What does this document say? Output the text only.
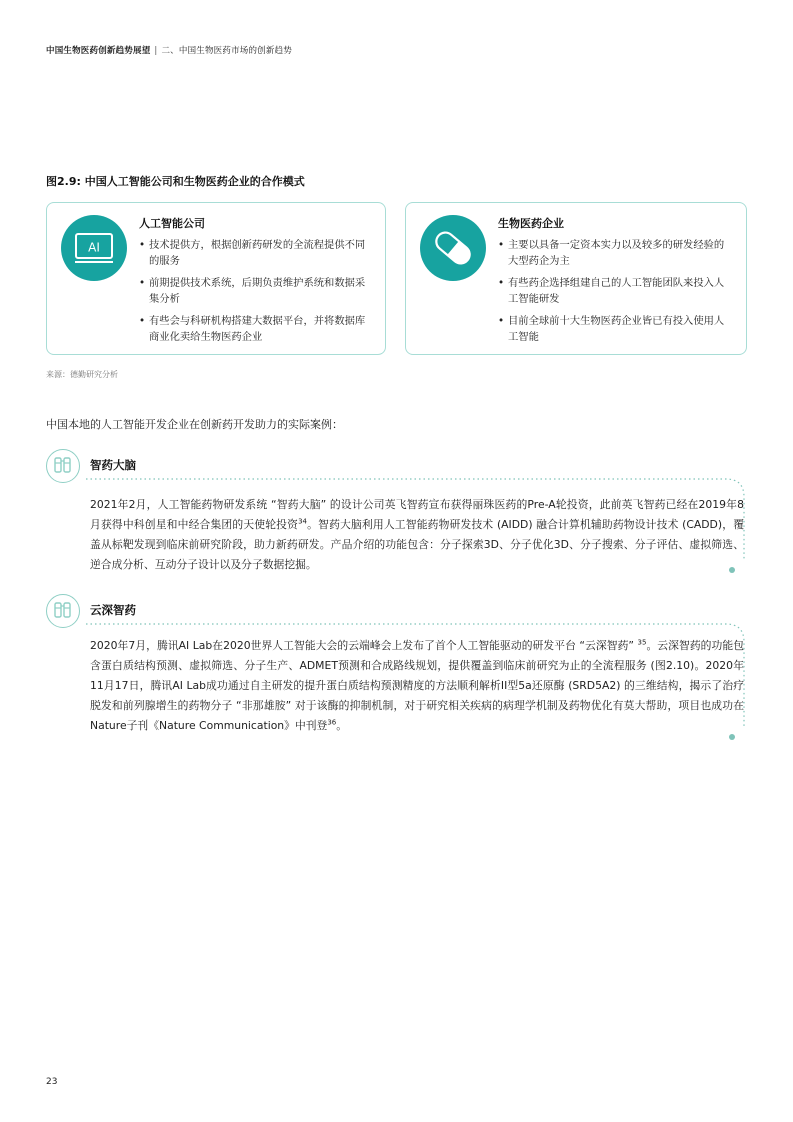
中国生物医药创新趋势展望 | 二、中国生物医药市场的创新趋势
图2.9: 中国人工智能公司和生物医药企业的合作模式
AI
人工智能公司
• 技术提供方，根据创新药研发的全流程提供不同的服务
• 前期提供技术系统，后期负责维护系统和数据采集分析
• 有些会与科研机构搭建大数据平台，并将数据库商业化卖给生物医药企业
生物医药企业
• 主要以具备一定资本实力以及较多的研发经验的大型药企为主
• 有些药企选择组建自己的人工智能团队来投入人工智能研发
• 目前全球前十大生物医药企业皆已有投入使用人工智能
来源：德勤研究分析
中国本地的人工智能开发企业在创新药开发助力的实际案例：
智药大脑

2021年2月，人工智能药物研发系统 “智药大脑” 的设计公司英飞智药宣布获得丽珠医药的Pre-A轮投资，此前英飞智药已经在2019年8月获得中科创星和中经合集团的天使轮投资$^{34}$。智药大脑利用人工智能药物研发技术 (AIDD) 融合计算机辅助药物设计技术 (CADD)，覆盖从标靶发现到临床前研究阶段，助力新药研发。产品介绍的功能包含：分子探索3D、分子优化3D、分子搜索、分子评估、虚拟筛选、逆合成分析、互动分子设计以及分子数据挖掘。

云深智药

2020年7月，腾讯AI Lab在2020世界人工智能大会的云端峰会上发布了首个人工智能驱动的研发平台 “云深智药” $^{35}$。云深智药的功能包含蛋白质结构预测、虚拟筛选、分子生产、ADMET预测和合成路线规划，提供覆盖到临床前研究为止的全流程服务 (图2.10)。2020年11月17日，腾讯AI Lab成功通过自主研发的提升蛋白质结构预测精度的方法顺利解析II型5a还原酶 (SRD5A2) 的三维结构，揭示了治疗脱发和前列腺增生的药物分子 “非那雄胺” 对于该酶的抑制机制，对于研究相关疾病的病理学机制及药物优化有莫大帮助，项目也成功在Nature子刊《Nature Communication》中刊登$^{36}$。

23
